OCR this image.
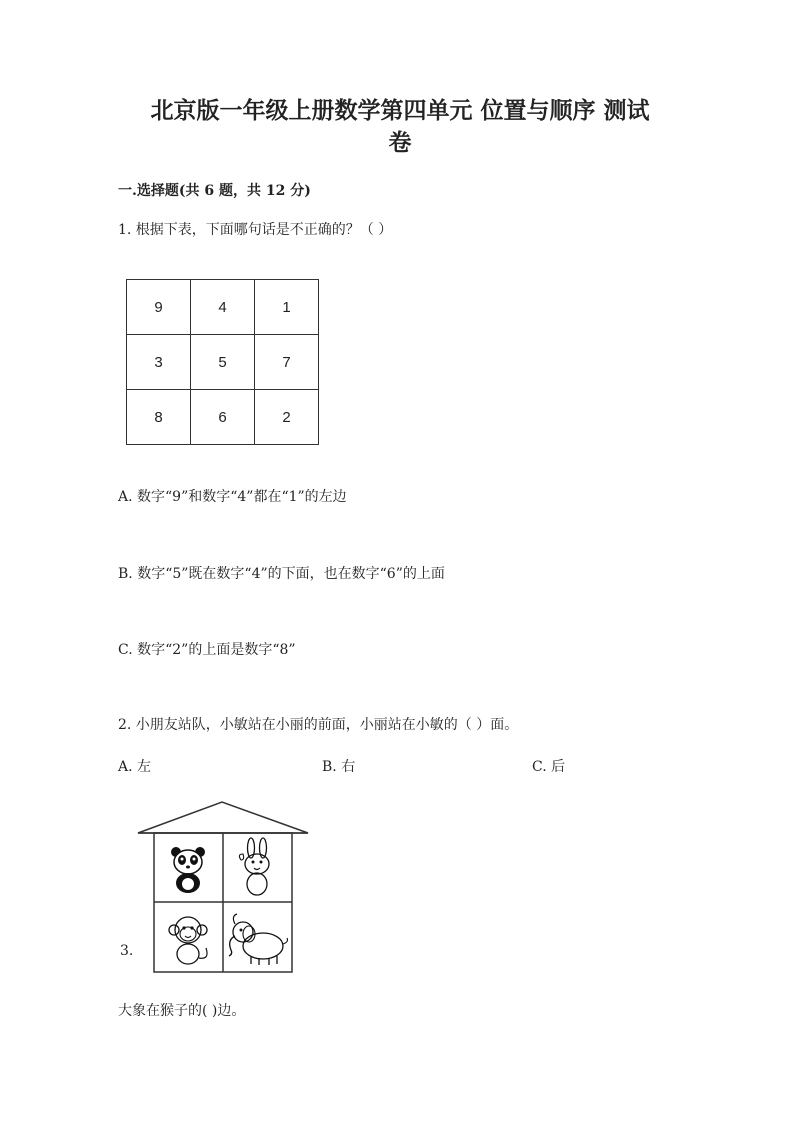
北京版一年级上册数学第四单元 位置与顺序 测试
卷
一.选择题(共 6 题，共 12 分)
1. 根据下表，下面哪句话是不正确的？（ ）
9	4	1
3	5	7
8	6	2
A. 数字“9”和数字“4”都在“1”的左边
B. 数字“5”既在数字“4”的下面，也在数字“6”的上面
C. 数字“2”的上面是数字“8”
2. 小朋友站队，小敏站在小丽的前面，小丽站在小敏的（ ）面。
A. 左	B. 右	C. 后
3.
大象在猴子的( )边。
